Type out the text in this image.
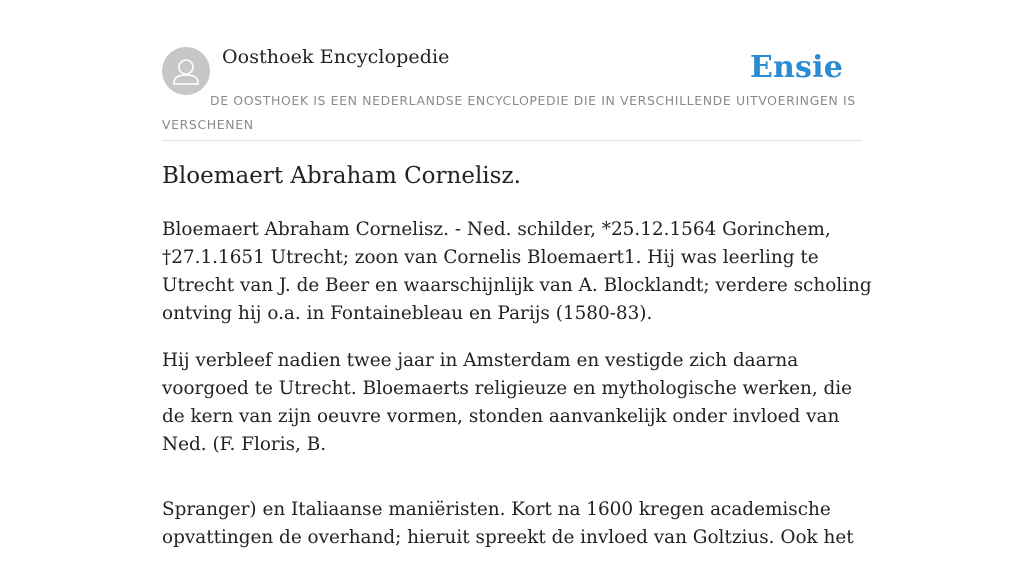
Oosthoek Encyclopedie	Ensie
DE OOSTHOEK IS EEN NEDERLANDSE ENCYCLOPEDIE DIE IN VERSCHILLENDE UITVOERINGEN IS VERSCHENEN
Bloemaert Abraham Cornelisz.

Bloemaert Abraham Cornelisz. - Ned. schilder, *25.12.1564 Gorinchem, †27.1.1651 Utrecht; zoon van Cornelis Bloemaert1. Hij was leerling te Utrecht van J. de Beer en waarschijnlijk van A. Blocklandt; verdere scholing ontving hij o.a. in Fontainebleau en Parijs (1580-83).

Hij verbleef nadien twee jaar in Amsterdam en vestigde zich daarna voorgoed te Utrecht. Bloemaerts religieuze en mythologische werken, die de kern van zijn oeuvre vormen, stonden aanvankelijk onder invloed van Ned. (F. Floris, B.

Spranger) en Italiaanse maniëristen. Kort na 1600 kregen academische opvattingen de overhand; hieruit spreekt de invloed van Goltzius. Ook het
